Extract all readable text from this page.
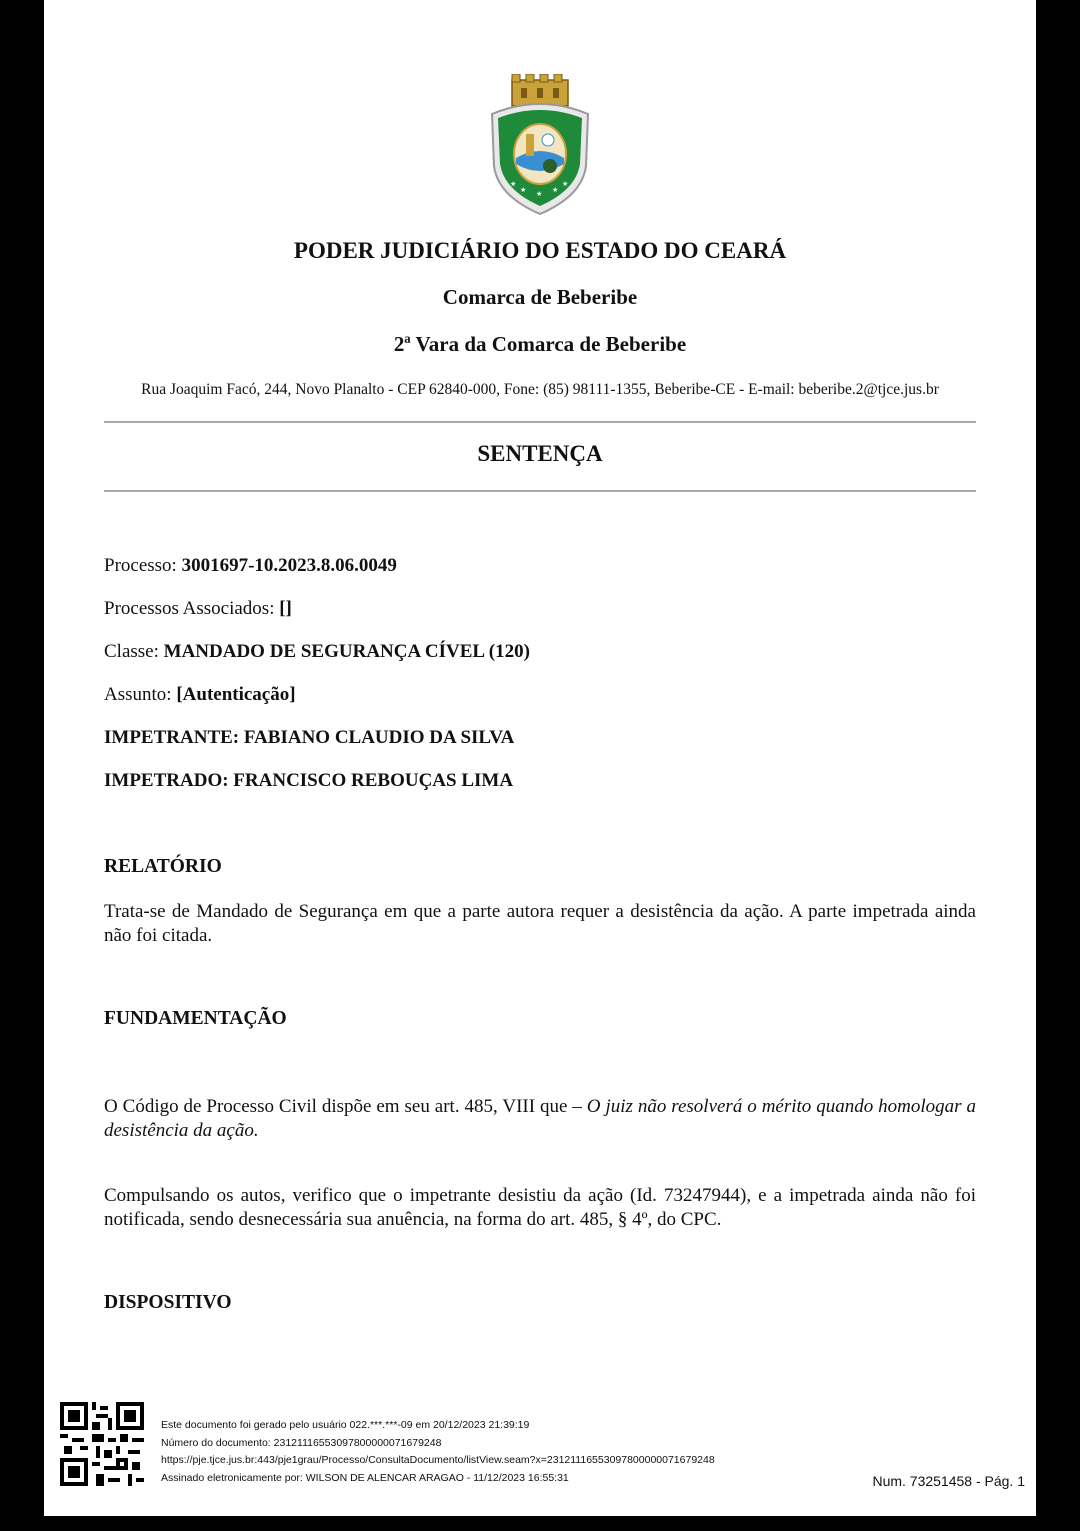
★
★ ★ ★
★
PODER JUDICIÁRIO DO ESTADO DO CEARÁ
Comarca de Beberibe
2ª Vara da Comarca de Beberibe
Rua Joaquim Facó, 244, Novo Planalto - CEP 62840-000, Fone: (85) 98111-1355, Beberibe-CE - E-mail: beberibe.2@tjce.jus.br
SENTENÇA
Processo: 3001697-10.2023.8.06.0049
Processos Associados: []
Classe: MANDADO DE SEGURANÇA CÍVEL (120)
Assunto: [Autenticação]
IMPETRANTE: FABIANO CLAUDIO DA SILVA
IMPETRADO: FRANCISCO REBOUÇAS LIMA
RELATÓRIO
Trata-se de Mandado de Segurança em que a parte autora requer a desistência da ação. A parte impetrada ainda não foi citada.
FUNDAMENTAÇÃO
O Código de Processo Civil dispõe em seu art. 485, VIII que – O juiz não resolverá o mérito quando homologar a desistência da ação.
Compulsando os autos, verifico que o impetrante desistiu da ação (Id. 73247944), e a impetrada ainda não foi notificada, sendo desnecessária sua anuência, na forma do art. 485, § 4º, do CPC.
DISPOSITIVO
Este documento foi gerado pelo usuário 022.***.***-09 em 20/12/2023 21:39:19
Número do documento: 23121116553097800000071679248
https://pje.tjce.jus.br:443/pje1grau/Processo/ConsultaDocumento/listView.seam?x=23121116553097800000071679248
Assinado eletronicamente por: WILSON DE ALENCAR ARAGAO - 11/12/2023 16:55:31	Num. 73251458 - Pág. 1
